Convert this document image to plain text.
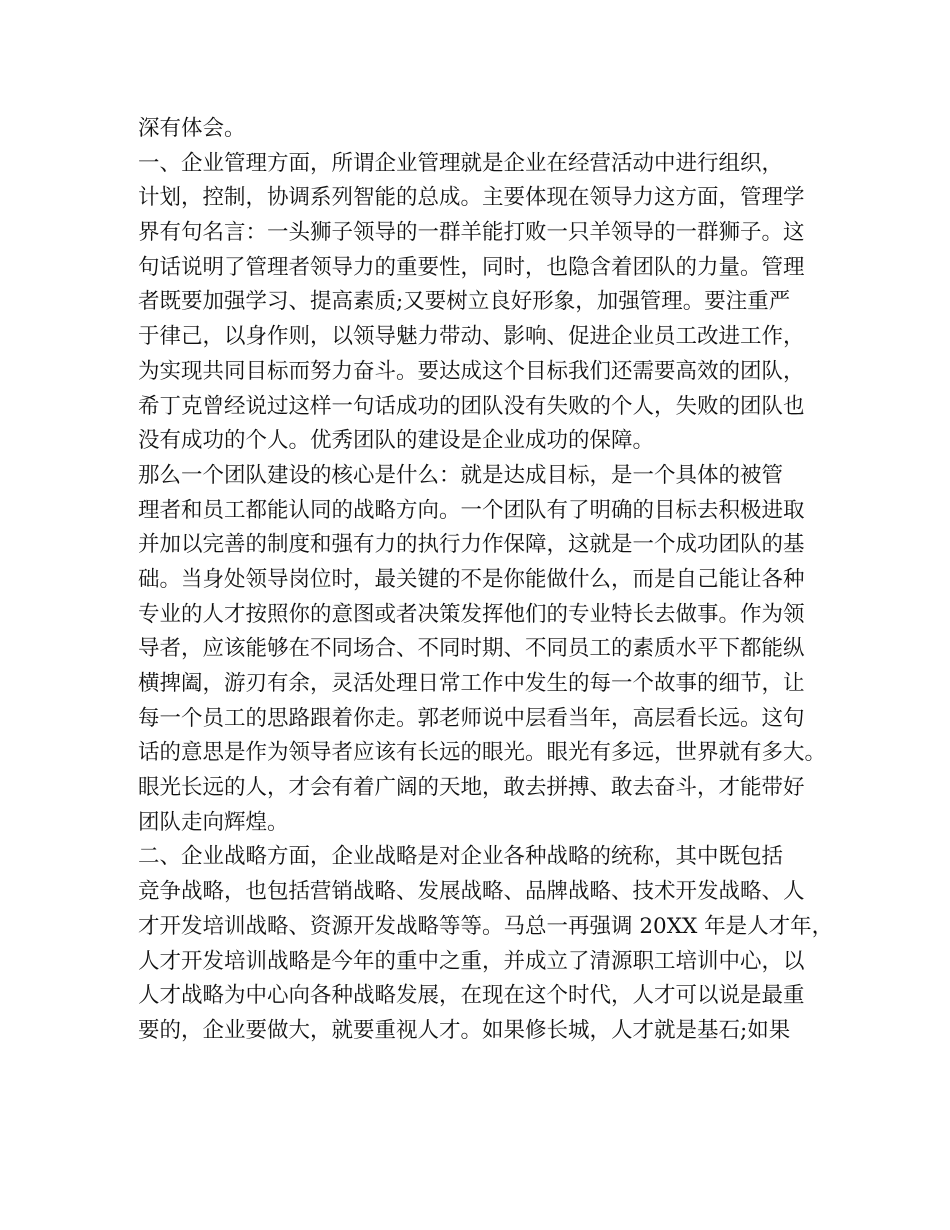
深有体会。
一、企业管理方面，所谓企业管理就是企业在经营活动中进行组织，
计划，控制，协调系列智能的总成。主要体现在领导力这方面，管理学
界有句名言：一头狮子领导的一群羊能打败一只羊领导的一群狮子。这
句话说明了管理者领导力的重要性，同时，也隐含着团队的力量。管理
者既要加强学习、提高素质;又要树立良好形象，加强管理。要注重严
于律己，以身作则，以领导魅力带动、影响、促进企业员工改进工作，
为实现共同目标而努力奋斗。要达成这个目标我们还需要高效的团队，
希丁克曾经说过这样一句话成功的团队没有失败的个人，失败的团队也
没有成功的个人。优秀团队的建设是企业成功的保障。
那么一个团队建设的核心是什么：就是达成目标，是一个具体的被管
理者和员工都能认同的战略方向。一个团队有了明确的目标去积极进取
并加以完善的制度和强有力的执行力作保障，这就是一个成功团队的基
础。当身处领导岗位时，最关键的不是你能做什么，而是自己能让各种
专业的人才按照你的意图或者决策发挥他们的专业特长去做事。作为领
导者，应该能够在不同场合、不同时期、不同员工的素质水平下都能纵
横捭阖，游刃有余，灵活处理日常工作中发生的每一个故事的细节，让
每一个员工的思路跟着你走。郭老师说中层看当年，高层看长远。这句
话的意思是作为领导者应该有长远的眼光。眼光有多远，世界就有多大。
眼光长远的人，才会有着广阔的天地，敢去拼搏、敢去奋斗，才能带好
团队走向辉煌。
二、企业战略方面，企业战略是对企业各种战略的统称，其中既包括
竞争战略，也包括营销战略、发展战略、品牌战略、技术开发战略、人
才开发培训战略、资源开发战略等等。马总一再强调 20XX 年是人才年，
人才开发培训战略是今年的重中之重，并成立了清源职工培训中心，以
人才战略为中心向各种战略发展，在现在这个时代，人才可以说是最重
要的，企业要做大，就要重视人才。如果修长城，人才就是基石;如果
